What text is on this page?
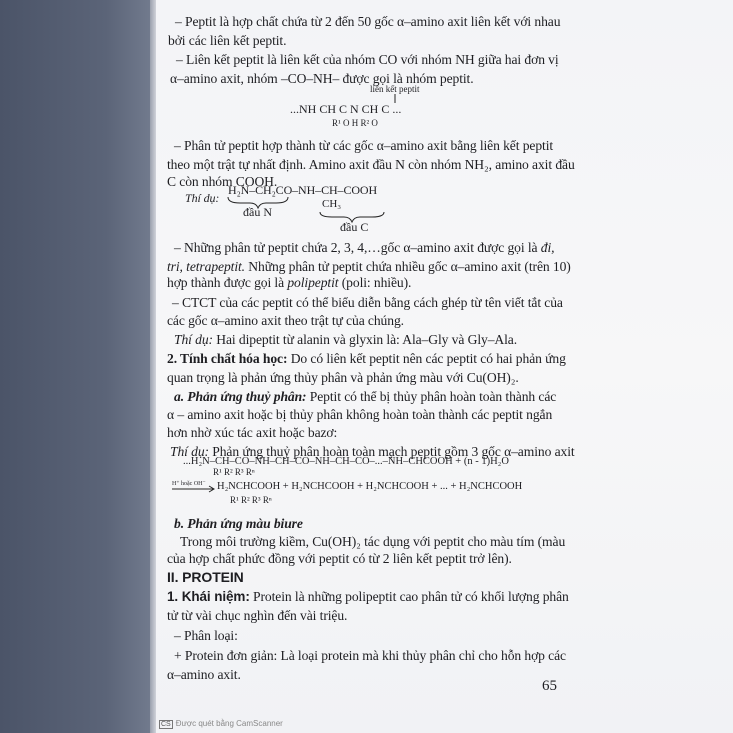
– Peptit là hợp chất chứa từ 2 đến 50 gốc α–amino axit liên kết với nhau
bởi các liên kết peptit.
– Liên kết peptit là liên kết của nhóm CO với nhóm NH giữa hai đơn vị
α–amino axit, nhóm –CO–NH– được gọi là nhóm peptit.
liên kết peptit
...NH CH C N CH C ...
R¹ O H R² O
– Phân tử peptit hợp thành từ các gốc α–amino axit bằng liên kết peptit
theo một trật tự nhất định. Amino axit đầu N còn nhóm NH₂, amino axit đầu
C còn nhóm COOH.
Thí dụ:
H₂N–CH₂CO–NH–CH–COOH
đầu N
CH₃
đầu C
– Những phân tử peptit chứa 2, 3, 4,…gốc α–amino axit được gọi là đi,
tri, tetrapeptit. Những phân tử peptit chứa nhiều gốc α–amino axit (trên 10)
hợp thành được gọi là polipeptit (poli: nhiều).
– CTCT của các peptit có thể biểu diễn bằng cách ghép từ tên viết tắt của
các gốc α–amino axit theo trật tự của chúng.
Thí dụ: Hai dipeptit từ alanin và glyxin là: Ala–Gly và Gly–Ala.
2. Tính chất hóa học: Do có liên kết peptit nên các peptit có hai phản ứng
quan trọng là phản ứng thủy phân và phản ứng màu với Cu(OH)₂.
a. Phản ứng thuỷ phân: Peptit có thể bị thủy phân hoàn toàn thành các
α – amino axit hoặc bị thủy phân không hoàn toàn thành các peptit ngắn
hơn nhờ xúc tác axit hoặc bazơ:
Thí dụ: Phản ứng thuỷ phân hoàn toàn mạch peptit gồm 3 gốc α–amino axit
...H₂N–CH–CO–NH–CH–CO–NH–CH–CO–...–NH–CHCOOH + (n - 1)H₂O
R¹ R² R³ Rⁿ
H⁺ hoặc OH⁻ H₂NCHCOOH + H₂NCHCOOH + H₂NCHCOOH + ... + H₂NCHCOOH
R¹ R² R³ Rⁿ
b. Phản ứng màu biure
Trong môi trường kiềm, Cu(OH)₂ tác dụng với peptit cho màu tím (màu
của hợp chất phức đồng với peptit có từ 2 liên kết peptit trở lên).
II. PROTEIN
1. Khái niệm: Protein là những polipeptit cao phân tử có khối lượng phân
tử từ vài chục nghìn đến vài triệu.
– Phân loại:
+ Protein đơn giản: Là loại protein mà khi thủy phân chỉ cho hỗn hợp các
α–amino axit.
65
CS Được quét bằng CamScanner
